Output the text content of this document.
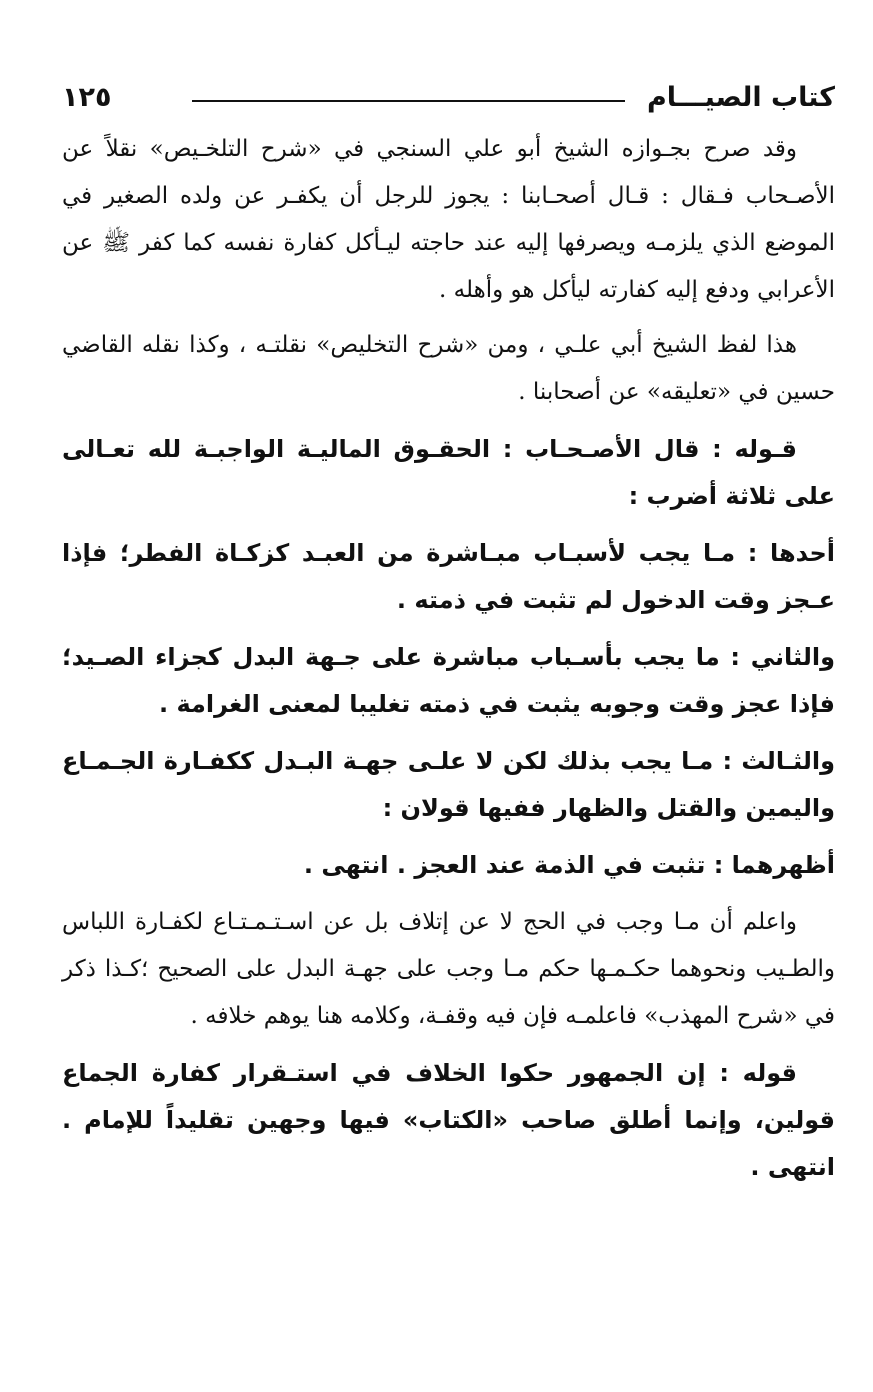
كتاب الصيـــام
١٢٥

وقد صرح بجـوازه الشيخ أبو علي السنجي في «شرح التلخـيص» نقلاً عن الأصـحاب فـقال : قـال أصحـابنا : يجوز للرجل أن يكفـر عن ولده الصغير في الموضع الذي يلزمـه ويصرفها إليه عند حاجته ليـأكل كفارة نفسه كما كفر ﷺ عن الأعرابي ودفع إليه كفارته ليأكل هو وأهله .

هذا لفظ الشيخ أبي علـي ، ومن «شرح التخليص» نقلتـه ، وكذا نقله القاضي حسين في «تعليقه» عن أصحابنا .

قـوله : قال الأصـحـاب : الحقـوق الماليـة الواجبـة لله تعـالى على ثلاثة أضرب :

أحدها : مـا يجب لأسبـاب مبـاشرة من العبـد كزكـاة الفطر؛ فإذا عـجز وقت الدخول لم تثبت في ذمته .

والثاني : ما يجب بأسـباب مباشرة على جـهة البدل كجزاء الصـيد؛ فإذا عجز وقت وجوبه يثبت في ذمته تغليبا لمعنى الغرامة .

والثـالث : مـا يجب بذلك لكن لا علـى جهـة البـدل ككفـارة الجـمـاع واليمين والقتل والظهار ففيها قولان :

أظهرهما : تثبت في الذمة عند العجز . انتهى .

واعلم أن مـا وجب في الحج لا عن إتلاف بل عن اسـتـمـتـاع لكفـارة اللباس والطـيب ونحوهما حكـمـها حكم مـا وجب على جهـة البدل على الصحيح ؛كـذا ذكر في «شرح المهذب» فاعلمـه فإن فيه وقفـة، وكلامه هنا يوهم خلافه .

قوله : إن الجمهور حكوا الخلاف في استـقرار كفارة الجماع قولين، وإنما أطلق صاحب «الكتاب» فيها وجهين تقليداً للإمام . انتهى .
